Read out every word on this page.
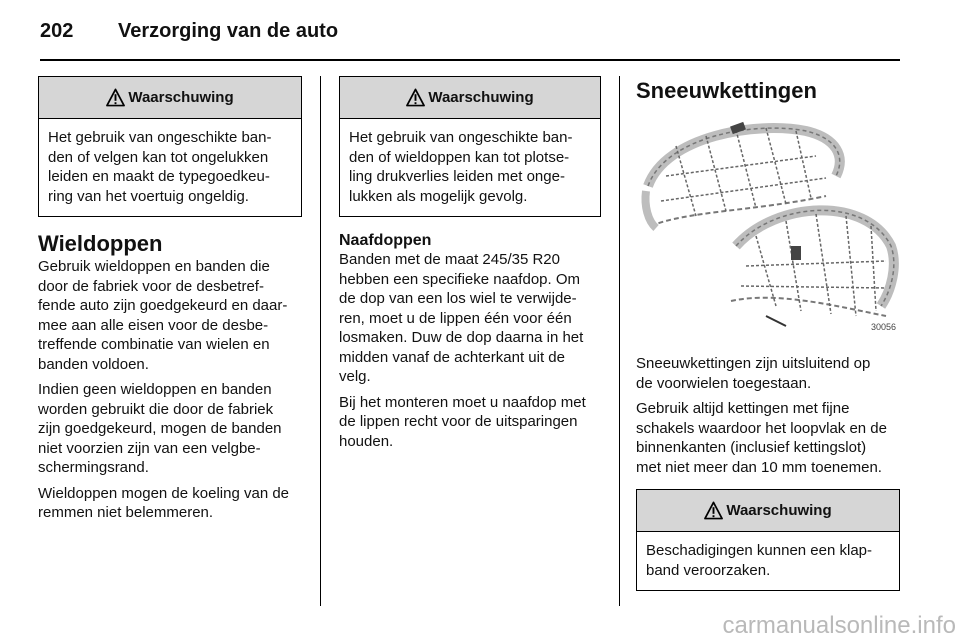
202 Verzorging van de auto
Waarschuwing
Het gebruik van ongeschikte ban-
den of velgen kan tot ongelukken
leiden en maakt de typegoedkeu-
ring van het voertuig ongeldig.
Wieldoppen
Gebruik wieldoppen en banden die
door de fabriek voor de desbetref-
fende auto zijn goedgekeurd en daar-
mee aan alle eisen voor de desbe-
treffende combinatie van wielen en
banden voldoen.
Indien geen wieldoppen en banden
worden gebruikt die door de fabriek
zijn goedgekeurd, mogen de banden
niet voorzien zijn van een velgbe-
schermingsrand.
Wieldoppen mogen de koeling van de
remmen niet belemmeren.
Waarschuwing
Het gebruik van ongeschikte ban-
den of wieldoppen kan tot plotse-
ling drukverlies leiden met onge-
lukken als mogelijk gevolg.
Naafdoppen
Banden met de maat 245/35 R20
hebben een specifieke naafdop. Om
de dop van een los wiel te verwijde-
ren, moet u de lippen één voor één
losmaken. Duw de dop daarna in het
midden vanaf de achterkant uit de
velg.
Bij het monteren moet u naafdop met
de lippen recht voor de uitsparingen
houden.
Sneeuwkettingen
30056
Sneeuwkettingen zijn uitsluitend op
de voorwielen toegestaan.
Gebruik altijd kettingen met fijne
schakels waardoor het loopvlak en de
binnenkanten (inclusief kettingslot)
met niet meer dan 10 mm toenemen.
Waarschuwing
Beschadigingen kunnen een klap-
band veroorzaken.
carmanualsonline.info
